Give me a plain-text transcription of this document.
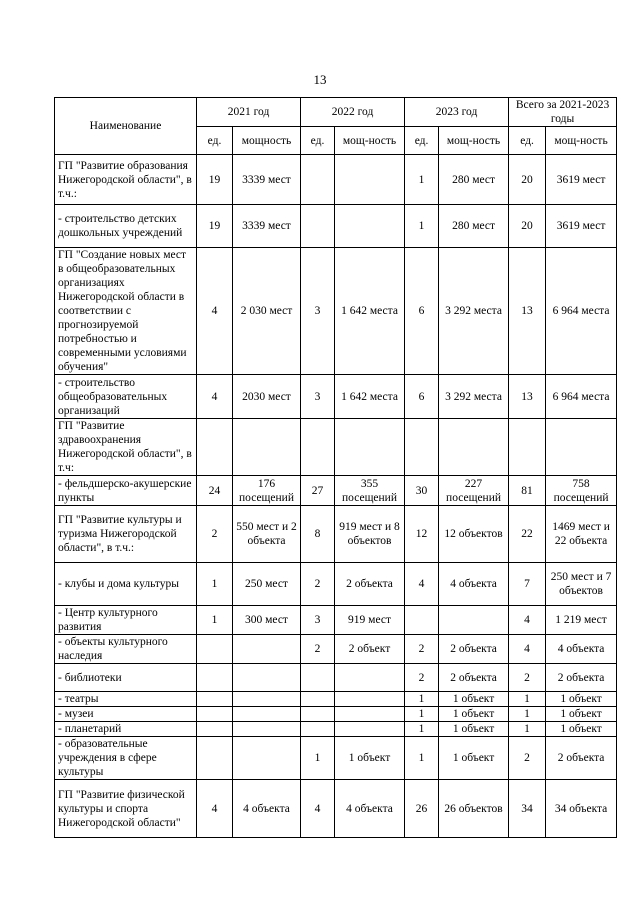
13
Наименование	2021 год		2022 год		2023 год		Всего за 2021-2023 годы	
	ед.	мощность	ед.	мощ-ность	ед.	мощ-ность	ед.	мощ-ность
ГП "Развитие образования Нижегородской области", в т.ч.:	19	3339 мест			1	280 мест	20	3619 мест
- строительство детских дошкольных учреждений	19	3339 мест			1	280 мест	20	3619 мест
ГП "Создание новых мест в общеобразовательных организациях Нижегородской области в соответствии с прогнозируемой потребностью и современными условиями обучения"	4	2 030 мест	3	1 642 места	6	3 292 места	13	6 964 места
- строительство общеобразовательных организаций	4	2030 мест	3	1 642 места	6	3 292 места	13	6 964 места
ГП "Развитие здравоохранения Нижегородской области", в т.ч:								
- фельдшерско-акушерские пункты	24	176 посещений	27	355 посещений	30	227 посещений	81	758 посещений
ГП "Развитие культуры и туризма Нижегородской области", в т.ч.:	2	550 мест и 2 объекта	8	919 мест и 8 объектов	12	12 объектов	22	1469 мест и 22 объекта
- клубы и дома культуры	1	250 мест	2	2 объекта	4	4 объекта	7	250 мест и 7 объектов
- Центр культурного развития	1	300 мест	3	919 мест			4	1 219 мест
- объекты культурного наследия			2	2 объект	2	2 объекта	4	4 объекта
- библиотеки					2	2 объекта	2	2 объекта
- театры					1	1 объект	1	1 объект
- музеи					1	1 объект	1	1 объект
- планетарий					1	1 объект	1	1 объект
- образовательные учреждения в сфере культуры			1	1 объект	1	1 объект	2	2 объекта
ГП "Развитие физической культуры и спорта Нижегородской области"	4	4 объекта	4	4 объекта	26	26 объектов	34	34 объекта
